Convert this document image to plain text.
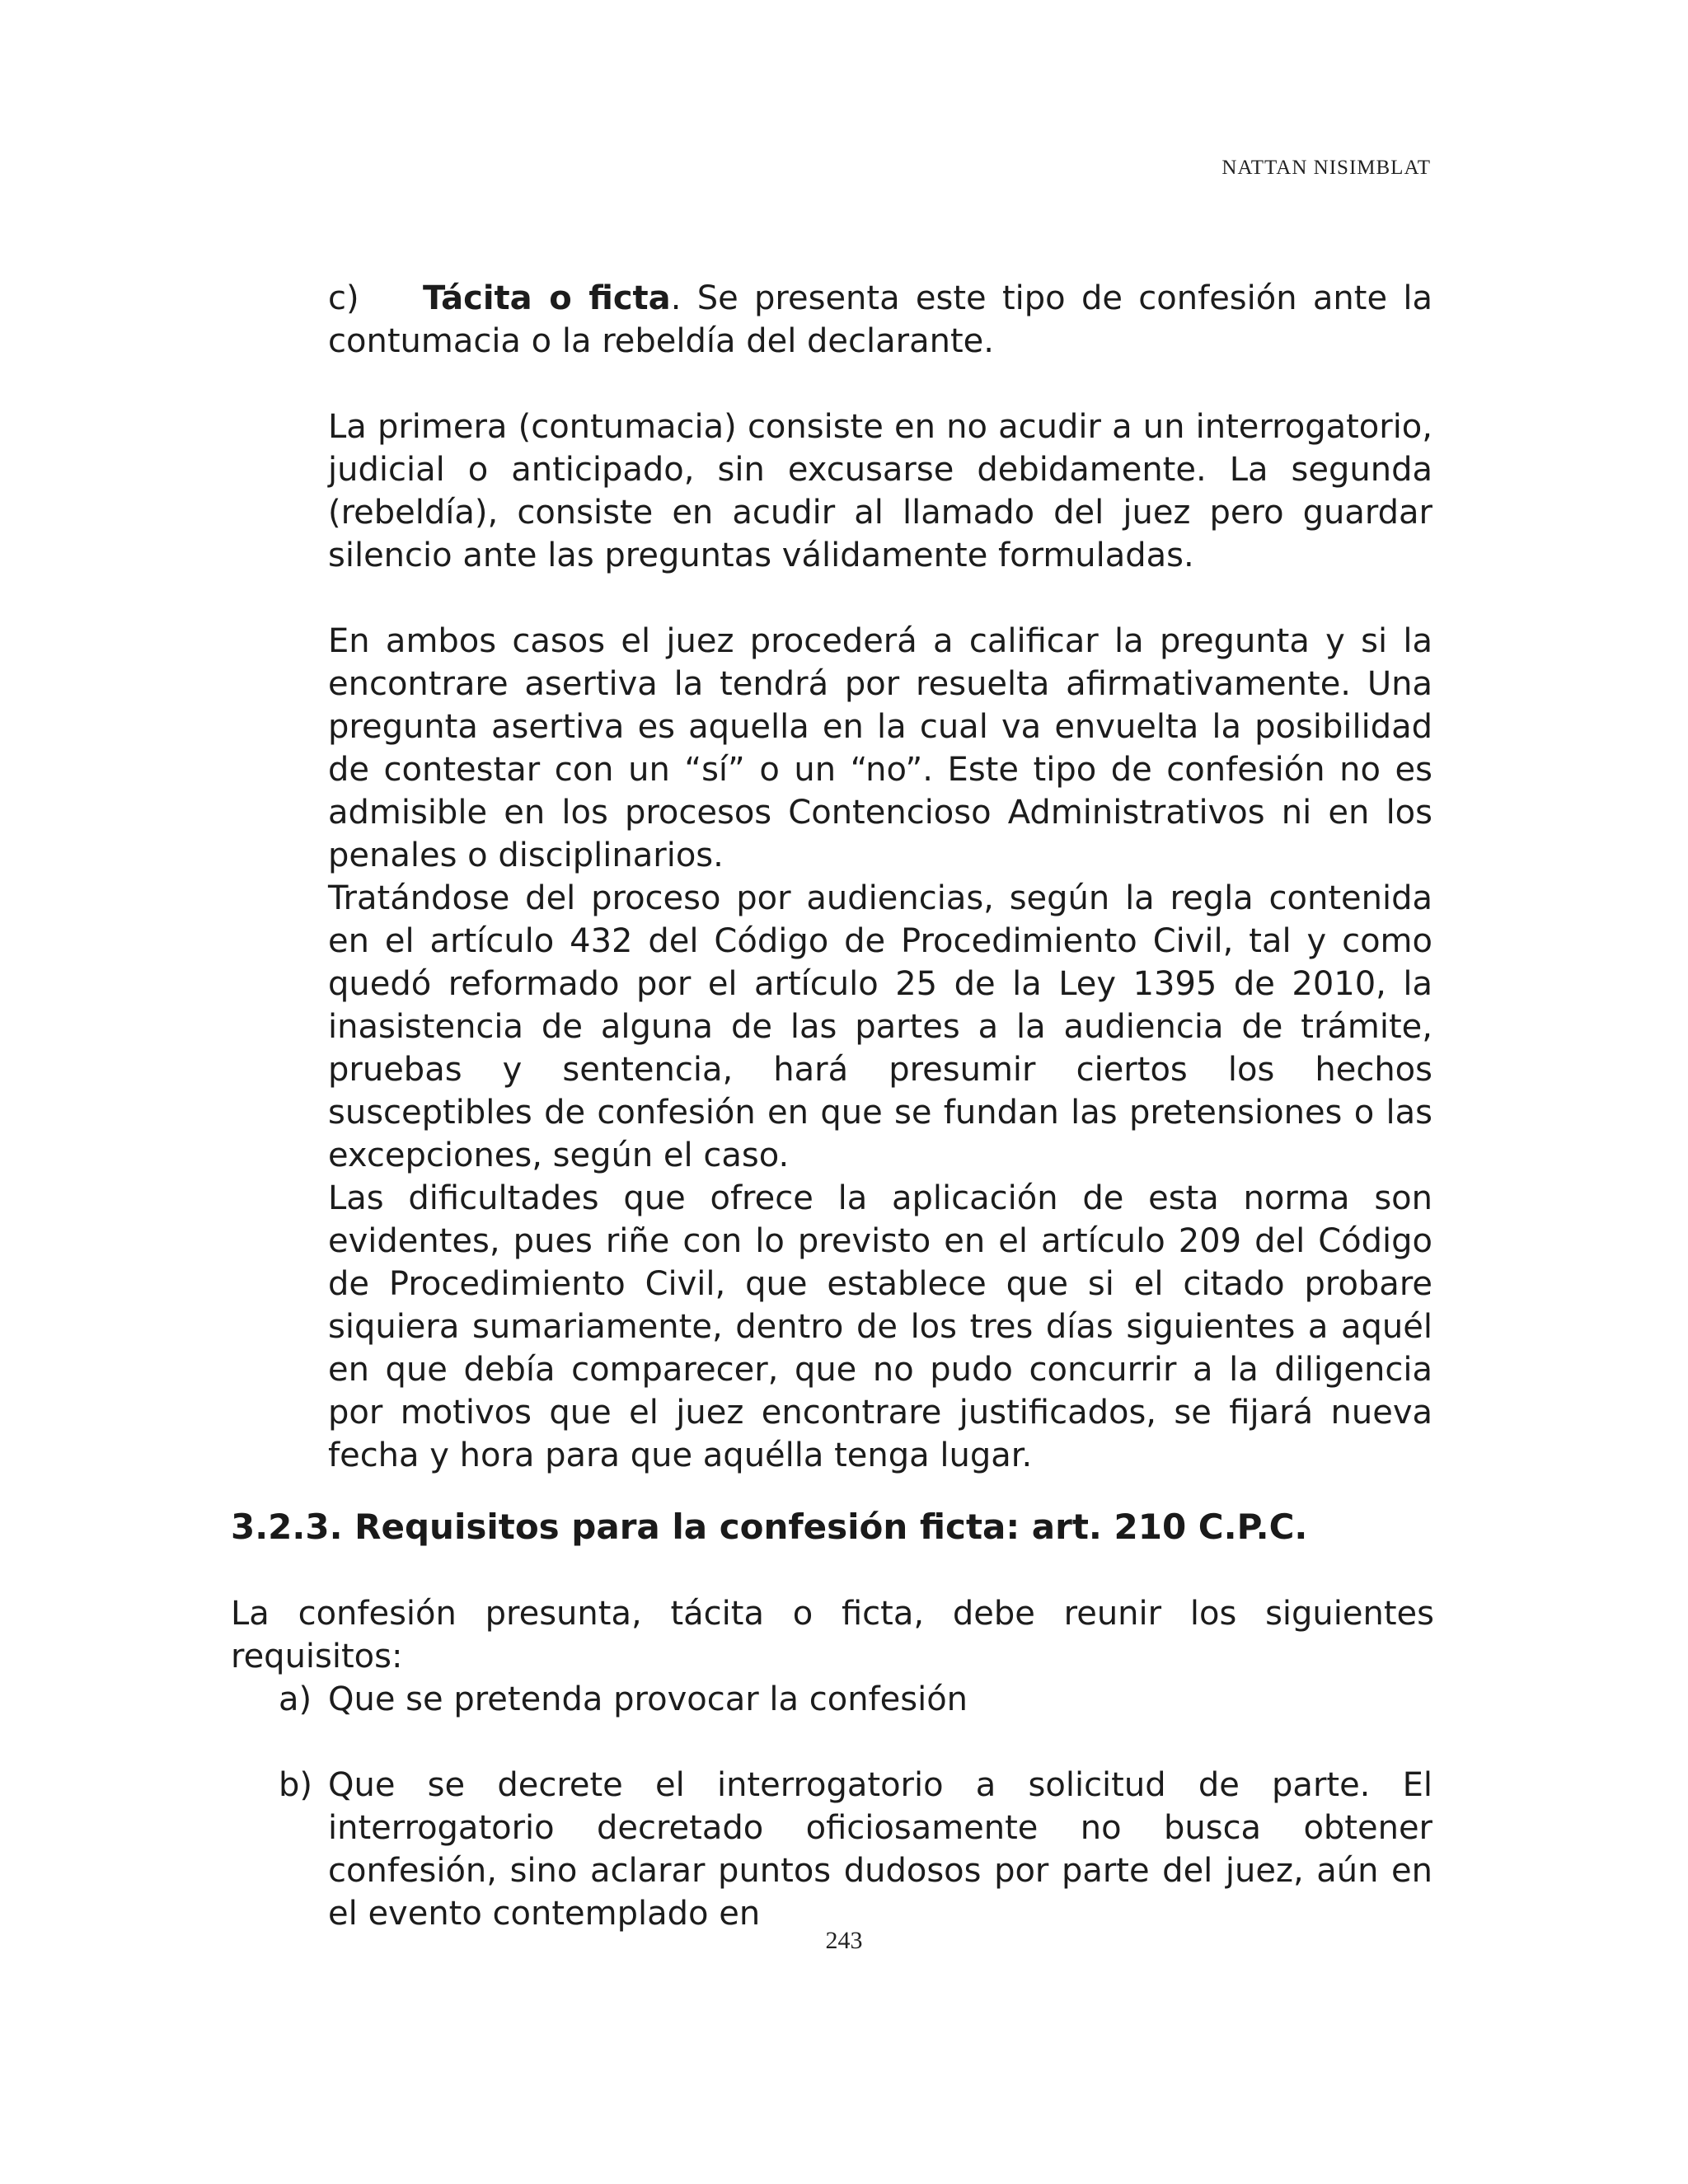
NATTAN NISIMBLAT

c) Tácita o ficta. Se presenta este tipo de confesión ante la contumacia o la rebeldía del declarante.

La primera (contumacia) consiste en no acudir a un interrogatorio, judicial o anticipado, sin excusarse debidamente. La segunda (rebeldía), consiste en acudir al llamado del juez pero guardar silencio ante las preguntas válidamente formuladas.

En ambos casos el juez procederá a calificar la pregunta y si la encontrare asertiva la tendrá por resuelta afirmativamente. Una pregunta asertiva es aquella en la cual va envuelta la posibilidad de contestar con un “sí” o un “no”. Este tipo de confesión no es admisible en los procesos Contencioso Administrativos ni en los penales o disciplinarios.

Tratándose del proceso por audiencias, según la regla contenida en el artículo 432 del Código de Procedimiento Civil, tal y como quedó reformado por el artículo 25 de la Ley 1395 de 2010, la inasistencia de alguna de las partes a la audiencia de trámite, pruebas y sentencia, hará presumir ciertos los hechos susceptibles de confesión en que se fundan las pretensiones o las excepciones, según el caso.

Las dificultades que ofrece la aplicación de esta norma son evidentes, pues riñe con lo previsto en el artículo 209 del Código de Procedimiento Civil, que establece que si el citado probare siquiera sumariamente, dentro de los tres días siguientes a aquél en que debía comparecer, que no pudo concurrir a la diligencia por motivos que el juez encontrare justificados, se fijará nueva fecha y hora para que aquélla tenga lugar.

3.2.3. Requisitos para la confesión ficta: art. 210 C.P.C.

La confesión presunta, tácita o ficta, debe reunir los siguientes requisitos:

a) Que se pretenda provocar la confesión
b) Que se decrete el interrogatorio a solicitud de parte. El interrogatorio decretado oficiosamente no busca obtener confesión, sino aclarar puntos dudosos por parte del juez, aún en el evento contemplado en
243
